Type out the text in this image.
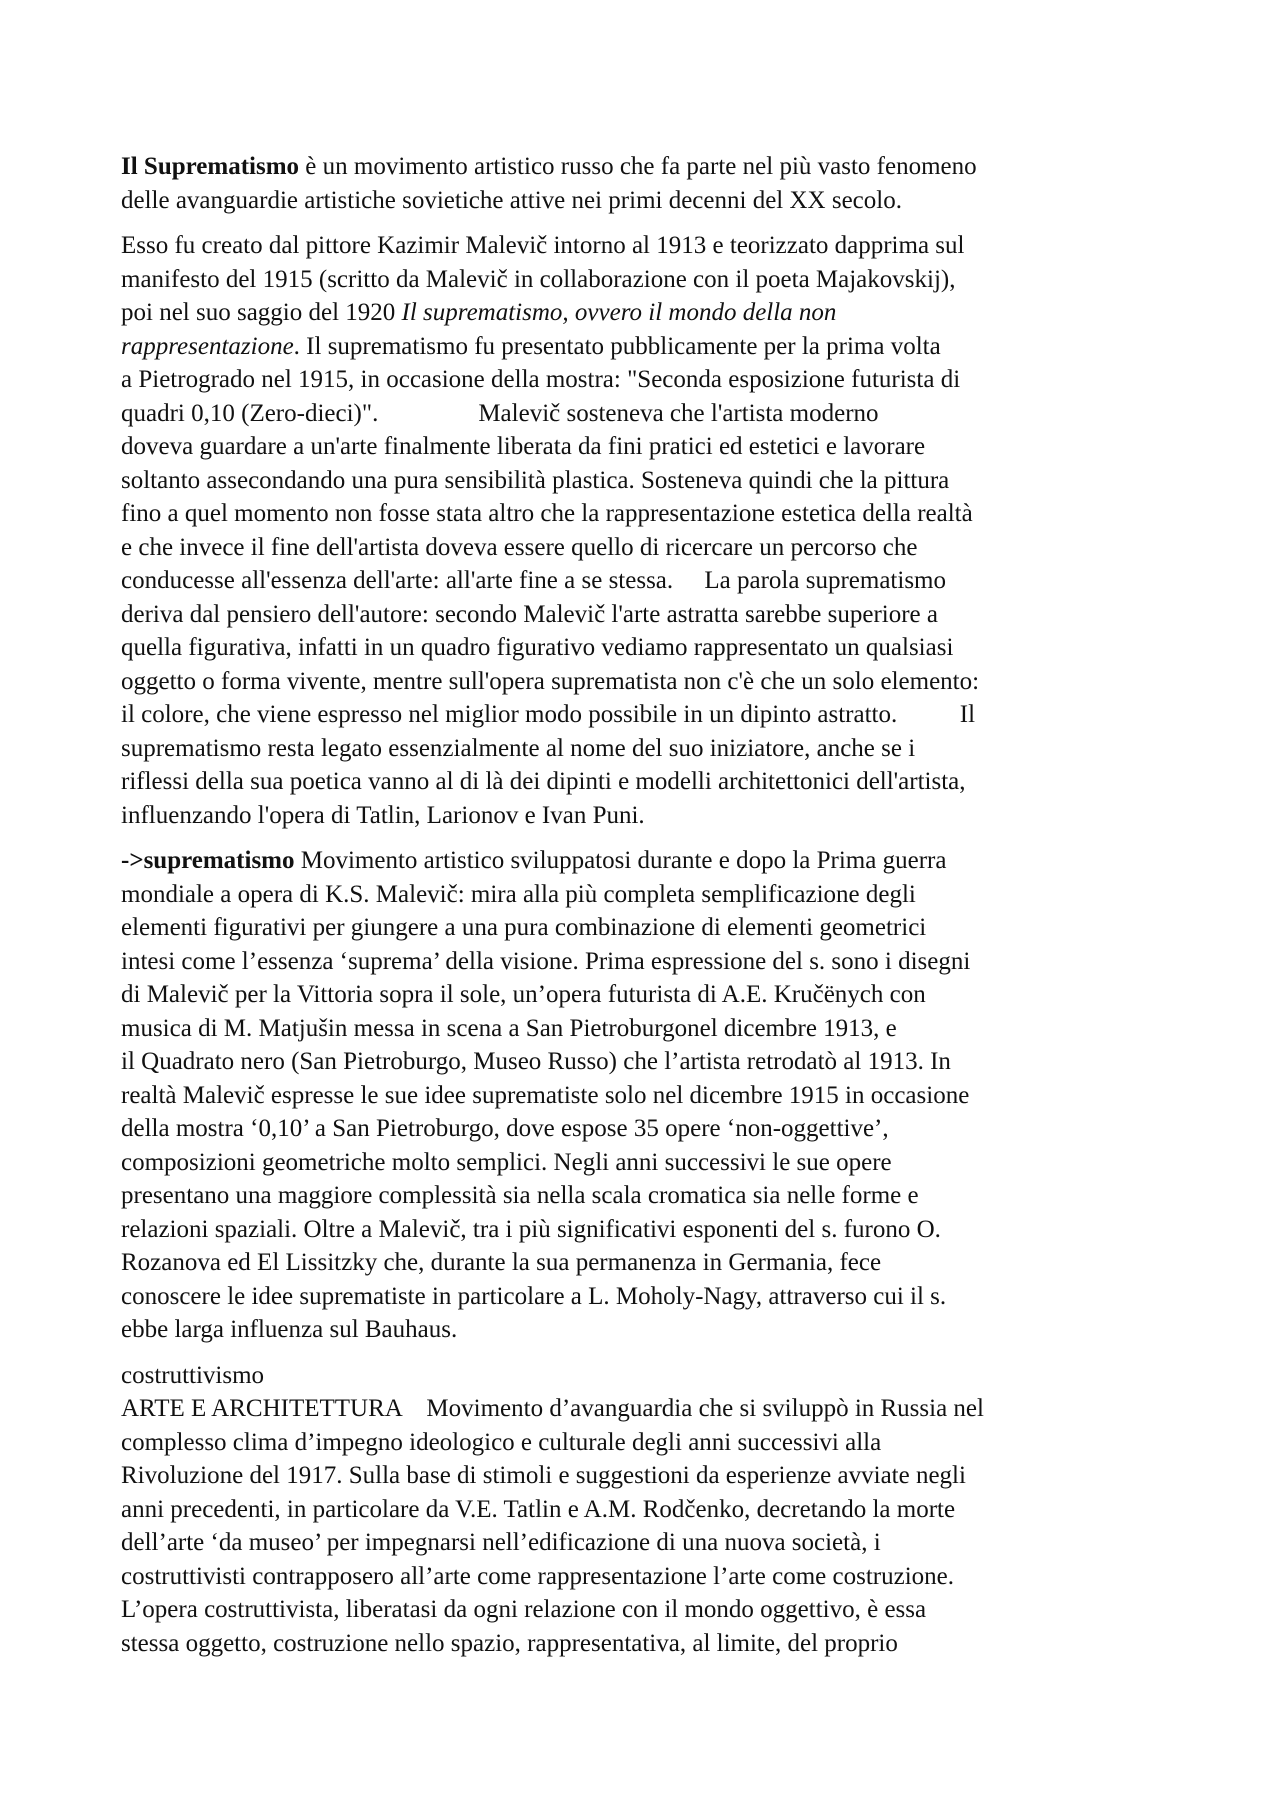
Il Suprematismo è un movimento artistico russo che fa parte nel più vasto fenomeno
delle avanguardie artistiche sovietiche attive nei primi decenni del XX secolo.

Esso fu creato dal pittore Kazimir Malevič intorno al 1913 e teorizzato dapprima sul
manifesto del 1915 (scritto da Malevič in collaborazione con il poeta Majakovskij),
poi nel suo saggio del 1920 Il suprematismo, ovvero il mondo della non
rappresentazione. Il suprematismo fu presentato pubblicamente per la prima volta
a Pietrogrado nel 1915, in occasione della mostra: "Seconda esposizione futurista di
quadri 0,10 (Zero-dieci)".                Malevič sosteneva che l'artista moderno
doveva guardare a un'arte finalmente liberata da fini pratici ed estetici e lavorare
soltanto assecondando una pura sensibilità plastica. Sosteneva quindi che la pittura
fino a quel momento non fosse stata altro che la rappresentazione estetica della realtà
e che invece il fine dell'artista doveva essere quello di ricercare un percorso che
conducesse all'essenza dell'arte: all'arte fine a se stessa.     La parola suprematismo
deriva dal pensiero dell'autore: secondo Malevič l'arte astratta sarebbe superiore a
quella figurativa, infatti in un quadro figurativo vediamo rappresentato un qualsiasi
oggetto o forma vivente, mentre sull'opera suprematista non c'è che un solo elemento:
il colore, che viene espresso nel miglior modo possibile in un dipinto astratto.          Il
suprematismo resta legato essenzialmente al nome del suo iniziatore, anche se i
riflessi della sua poetica vanno al di là dei dipinti e modelli architettonici dell'artista,
influenzando l'opera di Tatlin, Larionov e Ivan Puni.

->suprematismo Movimento artistico sviluppatosi durante e dopo la Prima guerra
mondiale a opera di K.S. Malevič: mira alla più completa semplificazione degli
elementi figurativi per giungere a una pura combinazione di elementi geometrici
intesi come l’essenza ‘suprema’ della visione. Prima espressione del s. sono i disegni
di Malevič per la Vittoria sopra il sole, un’opera futurista di A.E. Kručënych con
musica di M. Matjušin messa in scena a San Pietroburgonel dicembre 1913, e
il Quadrato nero (San Pietroburgo, Museo Russo) che l’artista retrodatò al 1913. In
realtà Malevič espresse le sue idee suprematiste solo nel dicembre 1915 in occasione
della mostra ‘0,10’ a San Pietroburgo, dove espose 35 opere ‘non-oggettive’,
composizioni geometriche molto semplici. Negli anni successivi le sue opere
presentano una maggiore complessità sia nella scala cromatica sia nelle forme e
relazioni spaziali. Oltre a Malevič, tra i più significativi esponenti del s. furono O.
Rozanova ed El Lissitzky che, durante la sua permanenza in Germania, fece
conoscere le idee suprematiste in particolare a L. Moholy-Nagy, attraverso cui il s.
ebbe larga influenza sul Bauhaus.

costruttivismo
ARTE E ARCHITETTURA    Movimento d’avanguardia che si sviluppò in Russia nel
complesso clima d’impegno ideologico e culturale degli anni successivi alla
Rivoluzione del 1917. Sulla base di stimoli e suggestioni da esperienze avviate negli
anni precedenti, in particolare da V.E. Tatlin e A.M. Rodčenko, decretando la morte
dell’arte ‘da museo’ per impegnarsi nell’edificazione di una nuova società, i
costruttivisti contrapposero all’arte come rappresentazione l’arte come costruzione.
L’opera costruttivista, liberatasi da ogni relazione con il mondo oggettivo, è essa
stessa oggetto, costruzione nello spazio, rappresentativa, al limite, del proprio
